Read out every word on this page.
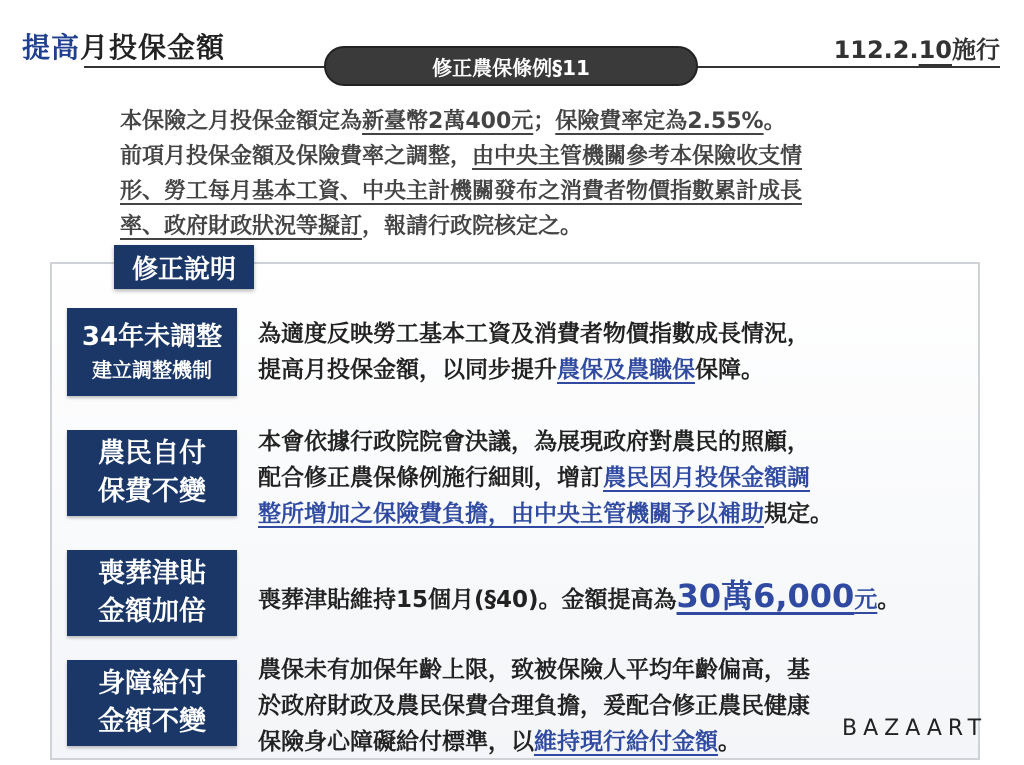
提高月投保金額	112.2.10施行
修正農保條例§11
本保險之月投保金額定為新臺幣2萬400元；保險費率定為2.55%。
前項月投保金額及保險費率之調整，由中央主管機關參考本保險收支情
形、勞工每月基本工資、中央主計機關發布之消費者物價指數累計成長
率、政府財政狀況等擬訂，報請行政院核定之。
修正說明
34年未調整
建立調整機制
為適度反映勞工基本工資及消費者物價指數成長情況，
提高月投保金額，以同步提升農保及農職保保障。
農民自付
保費不變
本會依據行政院院會決議，為展現政府對農民的照顧，
配合修正農保條例施行細則，增訂農民因月投保金額調
整所增加之保險費負擔，由中央主管機關予以補助規定。
喪葬津貼
金額加倍 喪葬津貼維持15個月(§40)。金額提高為30萬6,000元。
身障給付
金額不變
農保未有加保年齡上限，致被保險人平均年齡偏高，基
於政府財政及農民保費合理負擔，爰配合修正農民健康
保險身心障礙給付標準，以維持現行給付金額。
BAZAART
